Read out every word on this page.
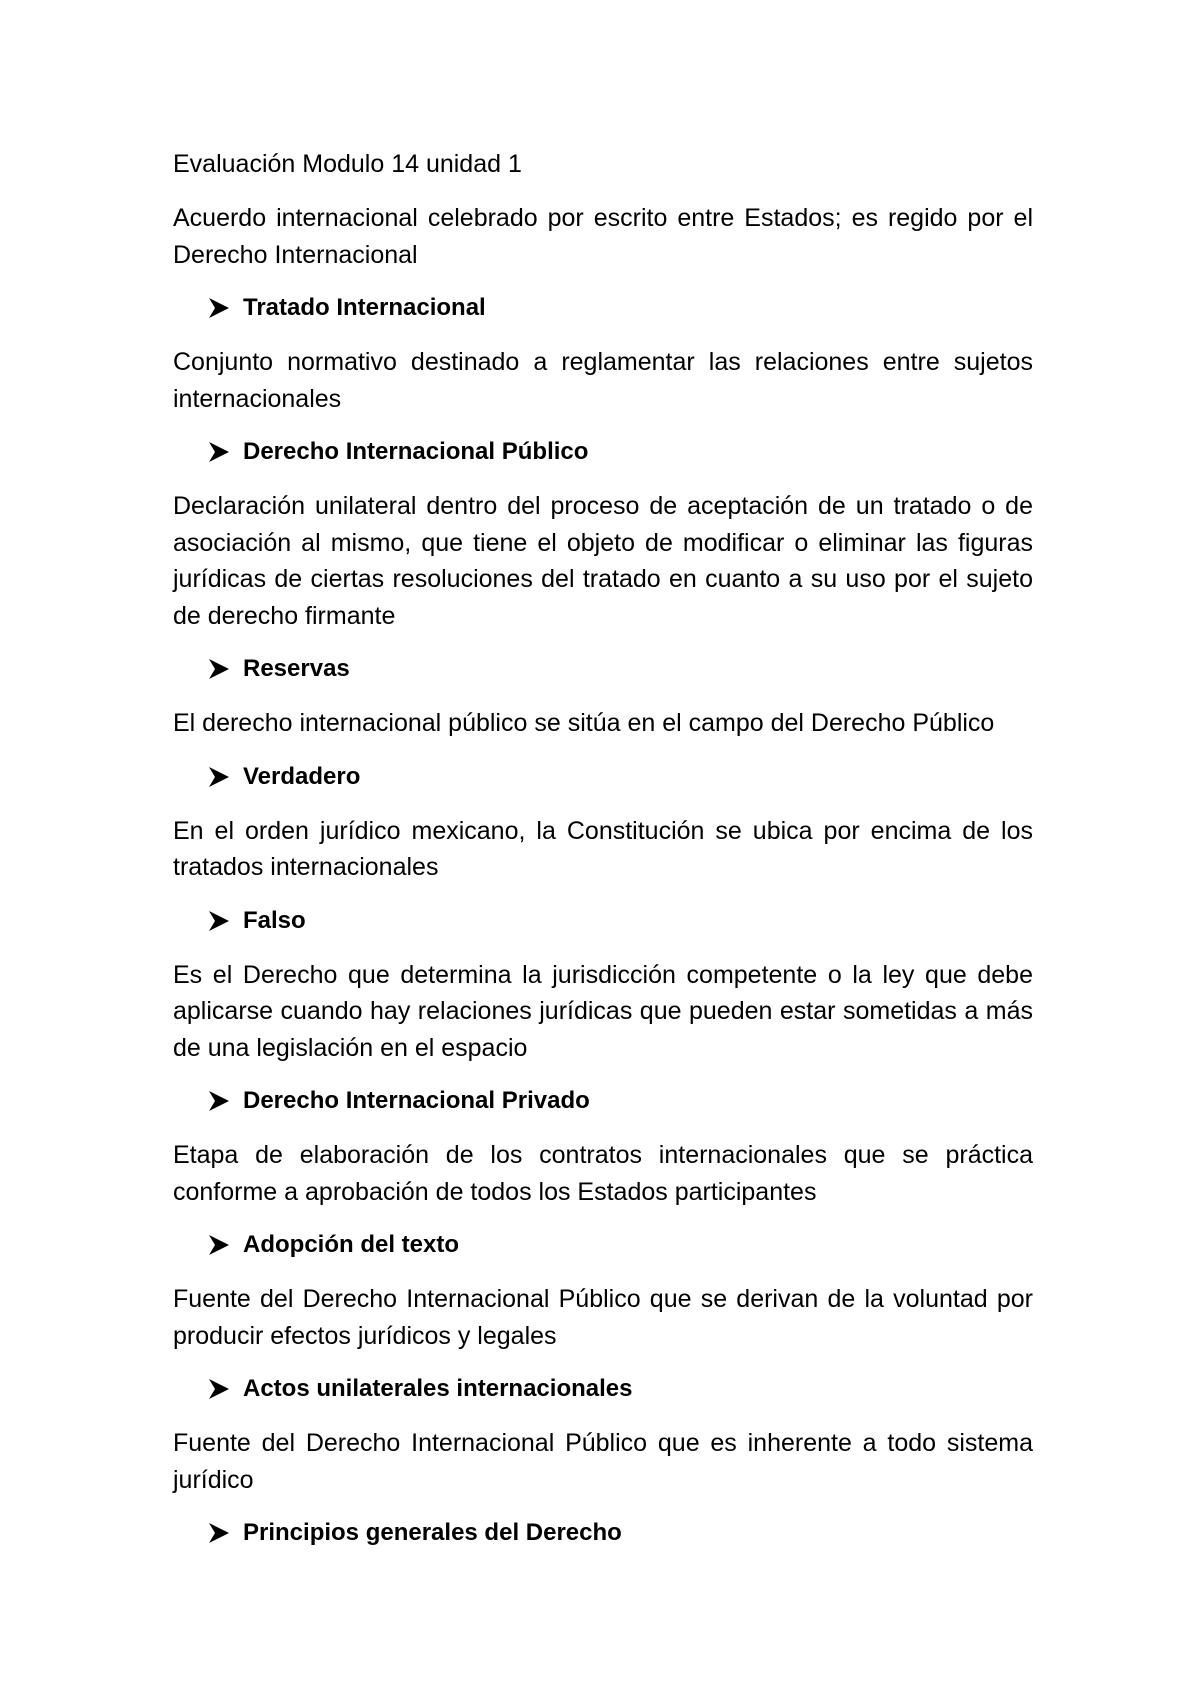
Evaluación Modulo 14 unidad 1
Acuerdo internacional celebrado por escrito entre Estados; es regido por el Derecho Internacional
Tratado Internacional
Conjunto normativo destinado a reglamentar las relaciones entre sujetos internacionales
Derecho Internacional Público
Declaración unilateral dentro del proceso de aceptación de un tratado o de asociación al mismo, que tiene el objeto de modificar o eliminar las figuras jurídicas de ciertas resoluciones del tratado en cuanto a su uso por el sujeto de derecho firmante
Reservas
El derecho internacional público se sitúa en el campo del Derecho Público
Verdadero
En el orden jurídico mexicano, la Constitución se ubica por encima de los tratados internacionales
Falso
Es el Derecho que determina la jurisdicción competente o la ley que debe aplicarse cuando hay relaciones jurídicas que pueden estar sometidas a más de una legislación en el espacio
Derecho Internacional Privado
Etapa de elaboración de los contratos internacionales que se práctica conforme a aprobación de todos los Estados participantes
Adopción del texto
Fuente del Derecho Internacional Público que se derivan de la voluntad por producir efectos jurídicos y legales
Actos unilaterales internacionales
Fuente del Derecho Internacional Público que es inherente a todo sistema jurídico
Principios generales del Derecho
